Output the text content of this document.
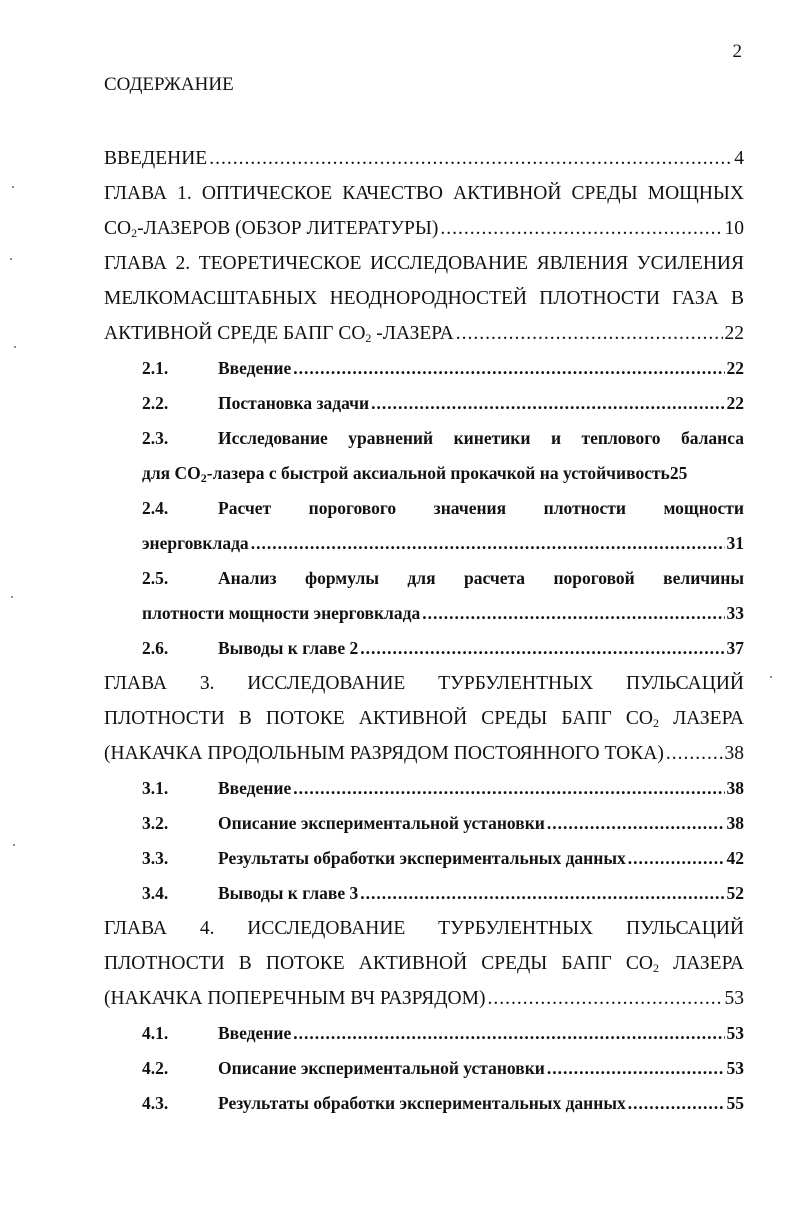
2
СОДЕРЖАНИЕ
ВВЕДЕНИЕ .....	4
ГЛАВА 1. ОПТИЧЕСКОЕ КАЧЕСТВО АКТИВНОЙ СРЕДЫ МОЩНЫХ
$CO_2$-ЛАЗЕРОВ (ОБЗОР ЛИТЕРАТУРЫ) .....	10
ГЛАВА 2. ТЕОРЕТИЧЕСКОЕ ИССЛЕДОВАНИЕ ЯВЛЕНИЯ УСИЛЕНИЯ
МЕЛКОМАСШТАБНЫХ НЕОДНОРОДНОСТЕЙ ПЛОТНОСТИ ГАЗА В
АКТИВНОЙ СРЕДЕ БАПГ $CO_2$ -ЛАЗЕРА .....	22
2.1.	Введение .....	22
2.2.	Постановка задачи .....	22
2.3.	Исследование уравнений кинетики и теплового баланса
для $CO_2$-лазера с быстрой аксиальной прокачкой на устойчивость 25
2.4.	Расчет порогового значения плотности мощности
энерговклада .....	31
2.5.	Анализ формулы для расчета пороговой величины
плотности мощности энерговклада .....	33
2.6.	Выводы к главе 2 .....	37
ГЛАВА 3. ИССЛЕДОВАНИЕ ТУРБУЛЕНТНЫХ ПУЛЬСАЦИЙ
ПЛОТНОСТИ В ПОТОКЕ АКТИВНОЙ СРЕДЫ БАПГ $CO_2$ ЛАЗЕРА
(НАКАЧКА ПРОДОЛЬНЫМ РАЗРЯДОМ ПОСТОЯННОГО ТОКА) .....	38
3.1.	Введение .....	38
3.2.	Описание экспериментальной установки .....	38
3.3.	Результаты обработки экспериментальных данных .....	42
3.4.	Выводы к главе 3 .....	52
ГЛАВА 4. ИССЛЕДОВАНИЕ ТУРБУЛЕНТНЫХ ПУЛЬСАЦИЙ
ПЛОТНОСТИ В ПОТОКЕ АКТИВНОЙ СРЕДЫ БАПГ $CO_2$ ЛАЗЕРА
(НАКАЧКА ПОПЕРЕЧНЫМ ВЧ РАЗРЯДОМ) .....	53
4.1.	Введение .....	53
4.2.	Описание экспериментальной установки .....	53
4.3.	Результаты обработки экспериментальных данных .....	55
